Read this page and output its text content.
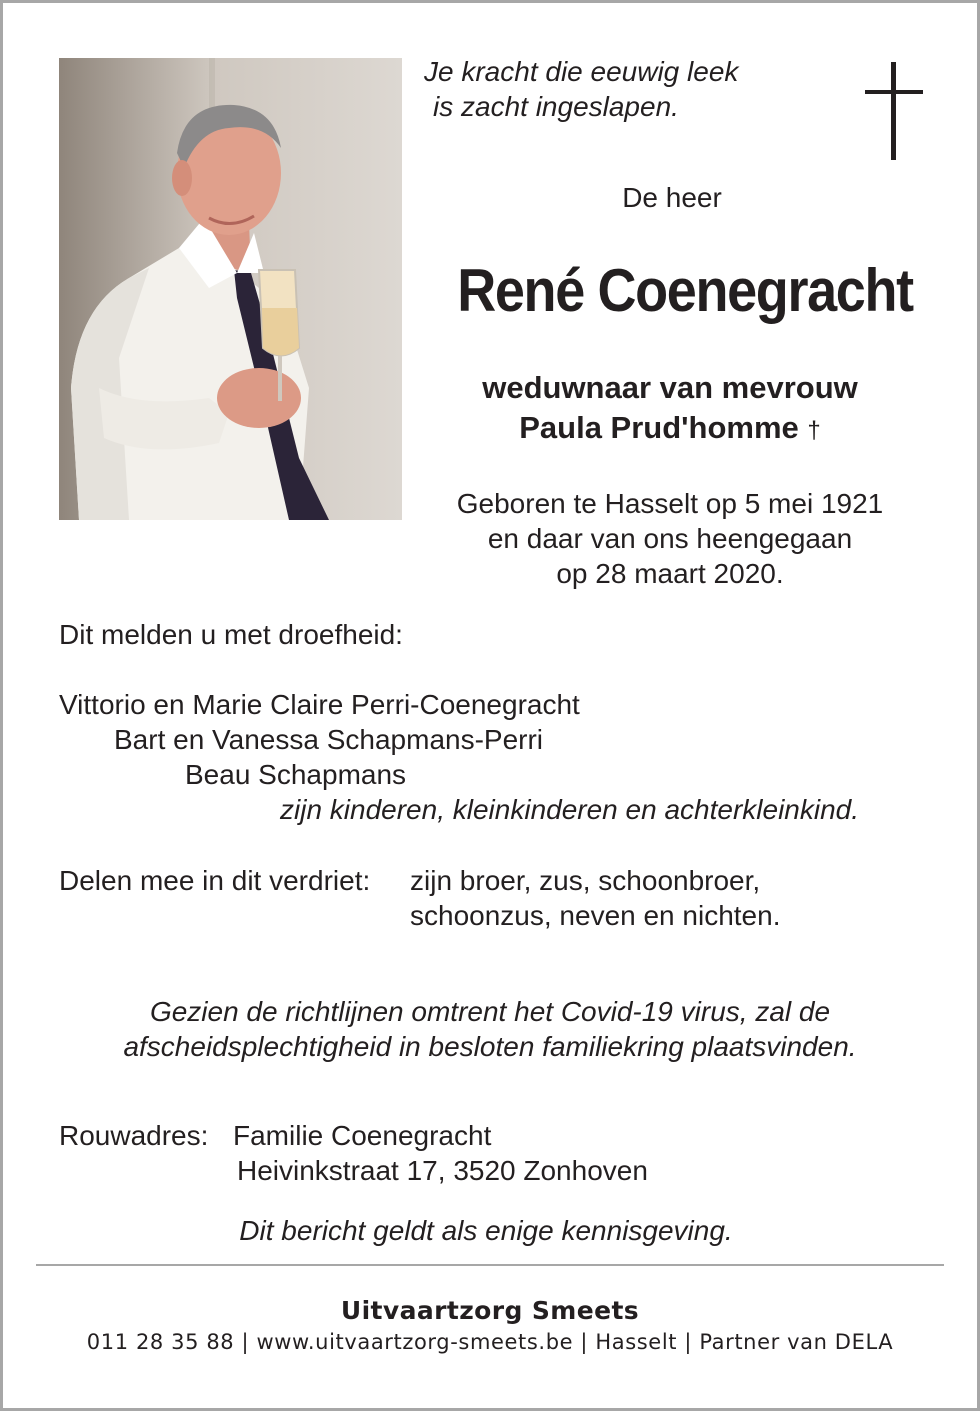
Je kracht die eeuwig leek
is zacht ingeslapen.
De heer
René Coenegracht
weduwnaar van mevrouw
Paula Prud'homme †
Geboren te Hasselt op 5 mei 1921
en daar van ons heengegaan
op 28 maart 2020.
Dit melden u met droefheid:
Vittorio en Marie Claire Perri-Coenegracht
Bart en Vanessa Schapmans-Perri
Beau Schapmans
zijn kinderen, kleinkinderen en achterkleinkind.
Delen mee in dit verdriet: zijn broer, zus, schoonbroer,
schoonzus, neven en nichten.
Gezien de richtlijnen omtrent het Covid-19 virus, zal de
afscheidsplechtigheid in besloten familiekring plaatsvinden.
Rouwadres: Familie Coenegracht
Heivinkstraat 17, 3520 Zonhoven
Dit bericht geldt als enige kennisgeving.
Uitvaartzorg Smeets
011 28 35 88 | www.uitvaartzorg-smeets.be | Hasselt | Partner van DELA
